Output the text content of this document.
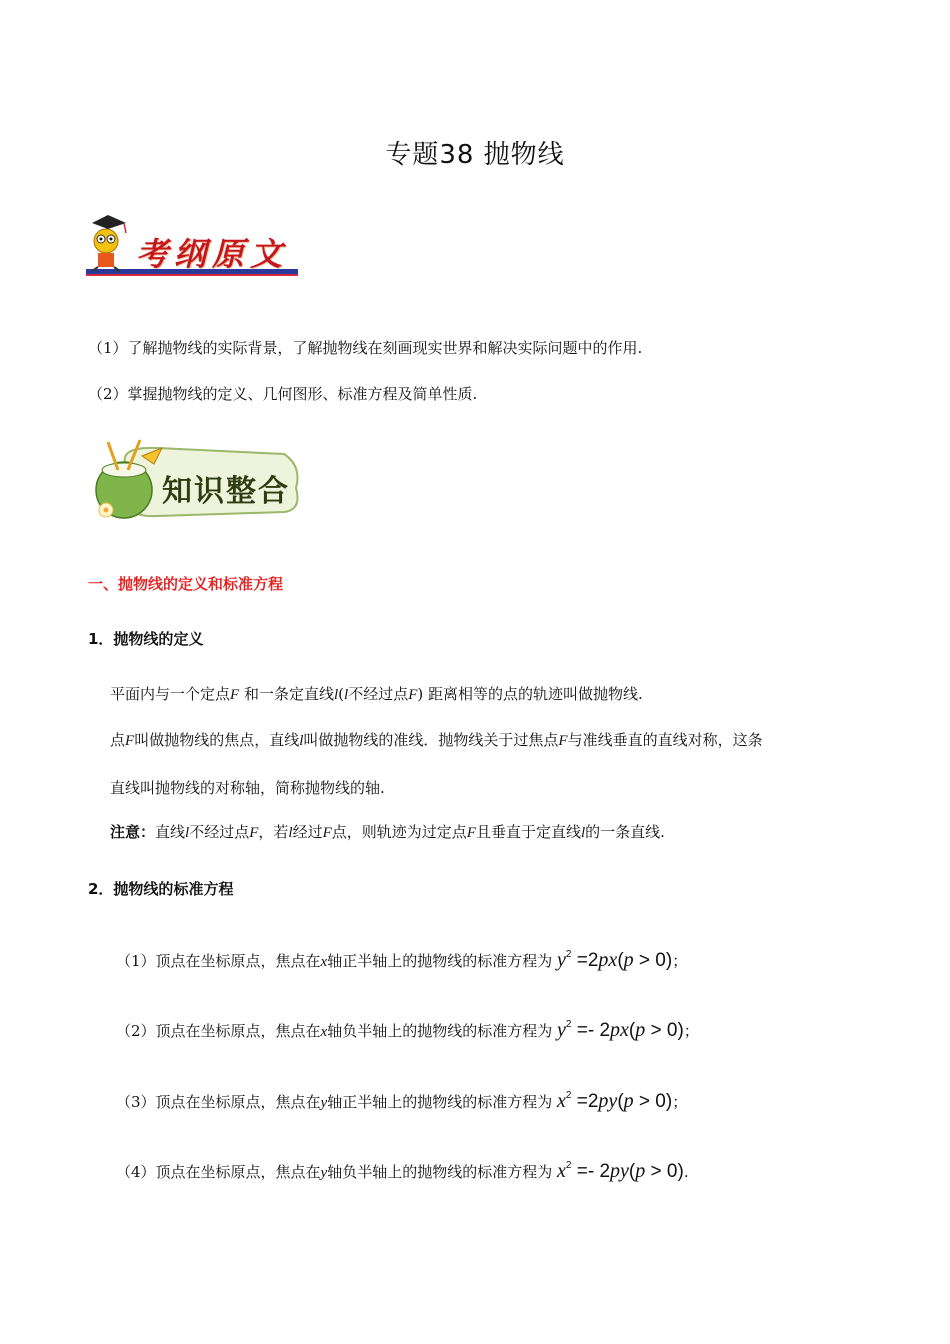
专题38 抛物线
考纲原文
（1）了解抛物线的实际背景，了解抛物线在刻画现实世界和解决实际问题中的作用.
（2）掌握抛物线的定义、几何图形、标准方程及简单性质.
知识整合
一、抛物线的定义和标准方程
1．抛物线的定义
平面内与一个定点F 和一条定直线l(l不经过点F) 距离相等的点的轨迹叫做抛物线.
点F叫做抛物线的焦点，直线l叫做抛物线的准线．抛物线关于过焦点F与准线垂直的直线对称，这条
直线叫抛物线的对称轴，简称抛物线的轴.
注意：直线l不经过点F，若l经过F点，则轨迹为过定点F且垂直于定直线l的一条直线.
2．抛物线的标准方程
（1）顶点在坐标原点，焦点在x轴正半轴上的抛物线的标准方程为 $y^2 =2px(p > 0)$；
（2）顶点在坐标原点，焦点在x轴负半轴上的抛物线的标准方程为 $y^2 =- 2px(p > 0)$；
（3）顶点在坐标原点，焦点在y轴正半轴上的抛物线的标准方程为 $x^2 =2py(p > 0)$；
（4）顶点在坐标原点，焦点在y轴负半轴上的抛物线的标准方程为 $x^2 =- 2py(p > 0)$.
